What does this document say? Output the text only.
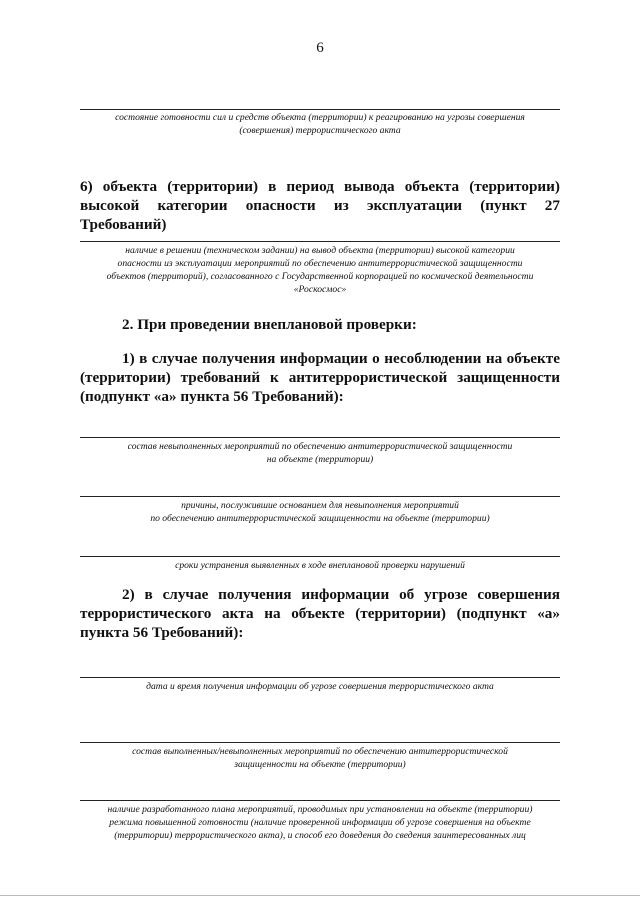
6
состояние готовности сил и средств объекта (территории) к реагированию на угрозы совершения
(совершения) террористического акта
6) объекта (территории) в период вывода объекта (территории)
высокой категории опасности из эксплуатации (пункт 27 Требований)
наличие в решении (техническом задании) на вывод объекта (территории) высокой категории
опасности из эксплуатации мероприятий по обеспечению антитеррористической защищенности
объектов (территорий), согласованного с Государственной корпорацией по космической деятельности
«Роскосмос»
2. При проведении внеплановой проверки:
1) в случае получения информации о несоблюдении на объекте
(территории) требований к антитеррористической защищенности
(подпункт «а» пункта 56 Требований):
состав невыполненных мероприятий по обеспечению антитеррористической защищенности
на объекте (территории)
причины, послужившие основанием для невыполнения мероприятий
по обеспечению антитеррористической защищенности на объекте (территории)
сроки устранения выявленных в ходе внеплановой проверки нарушений
2) в случае получения информации об угрозе совершения
террористического акта на объекте (территории) (подпункт «а»
пункта 56 Требований):
дата и время получения информации об угрозе совершения террористического акта
состав выполненных/невыполненных мероприятий по обеспечению антитеррористической
защищенности на объекте (территории)
наличие разработанного плана мероприятий, проводимых при установлении на объекте (территории)
режима повышенной готовности (наличие проверенной информации об угрозе совершения на объекте
(территории) террористического акта), и способ его доведения до сведения заинтересованных лиц
